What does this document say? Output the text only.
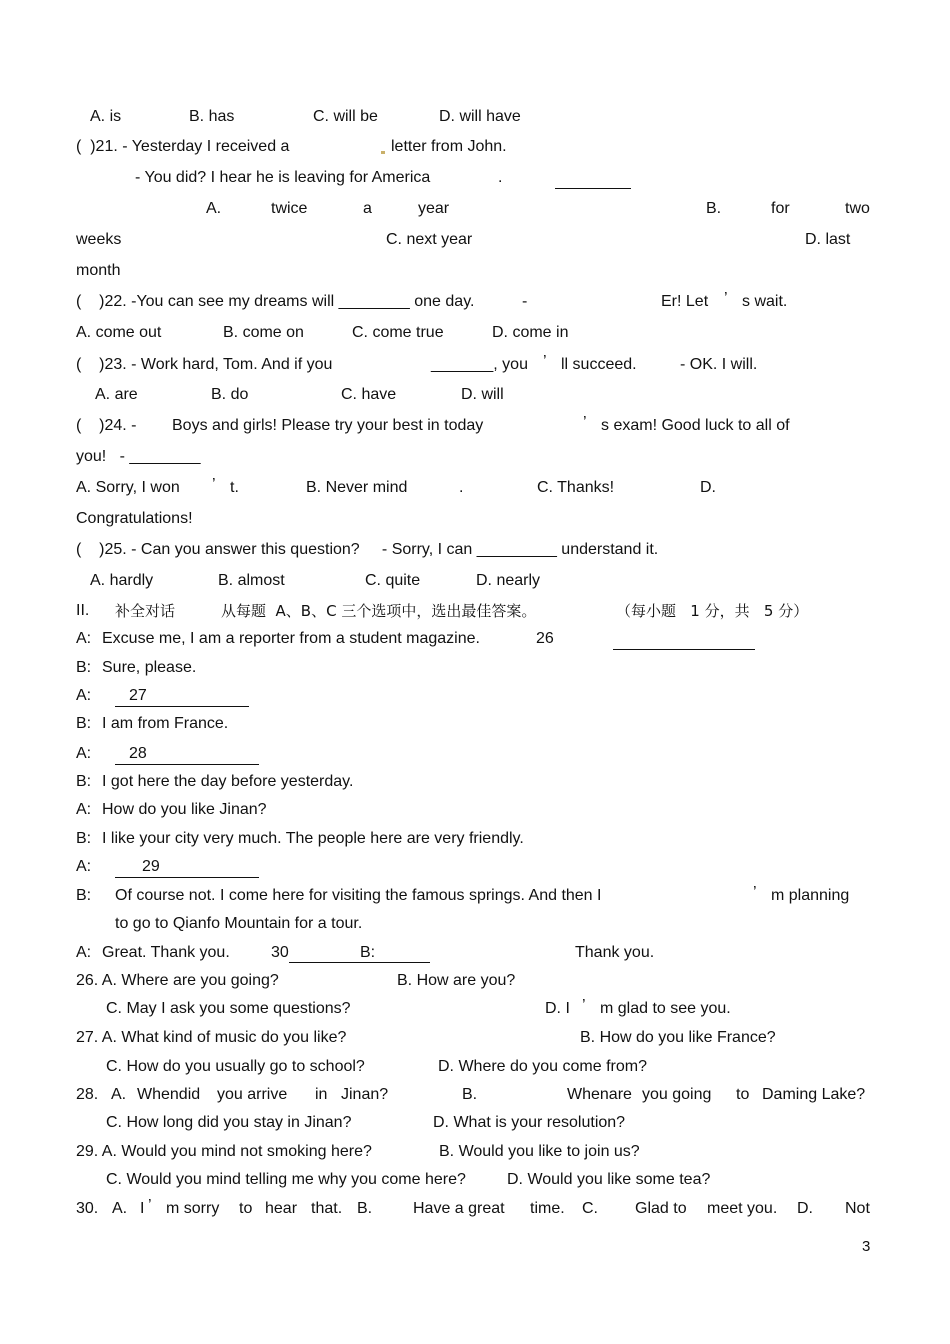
A. is	B. has	C. will be	D. will have
(  )21. - Yesterday I received a	letter from John.
- You did? I hear he is leaving for America	.
A.	twice	a	year	B.	for	two
weeks	C. next year	D. last
month
(    )22. -You can see my dreams will ________ one day.	-	Er! Let ’ s wait.
A. come out	B. come on	C. come true	D. come in
(    )23. - Work hard, Tom. And if you	_______, you ’ ll succeed.	- OK. I will.
A. are	B. do	C. have	D. will
(    )24. - Boys and girls! Please try your best in today	’ s exam! Good luck to all of
you!   - ________
A. Sorry, I won ’ t.	B. Never mind	.	C. Thanks!	D.
Congratulations!
(    )25. - Can you answer this question?     - Sorry, I can _________ understand it.
A. hardly	B. almost	C. quite	D. nearly
II. 补全对话	从每题  A、B、C 三个选项中，选出最佳答案。	（每小题   1 分，共   5 分）
A: Excuse me, I am a reporter from a student magazine.	26
B: Sure, please.
A:	27
B: I am from France.
A:	28
B: I got here the day before yesterday.
A: How do you like Jinan?
B: I like your city very much. The people here are very friendly.
A:	29
B: Of course not. I come here for visiting the famous springs. And then I	’ m planning
to go to Qianfo Mountain for a tour.
A: Great. Thank you.	30	B:	Thank you.
26. A. Where are you going?	B. How are you?
C. May I ask you some questions?	D. I ’ m glad to see you.
27. A. What kind of music do you like?	B. How do you like France?
C. How do you usually go to school?	D. Where do you come from?
28. A. Whendid you arrive in Jinan?	B.	Whenare you going to Daming Lake?
C. How long did you stay in Jinan?	D. What is your resolution?
29. A. Would you mind not smoking here?	B. Would you like to join us?
C. Would you mind telling me why you come here?	D. Would you like some tea?
30. A. I ’ m sorry to hear that. B.	Have a great time. C. Glad to meet you. D. Not
3
